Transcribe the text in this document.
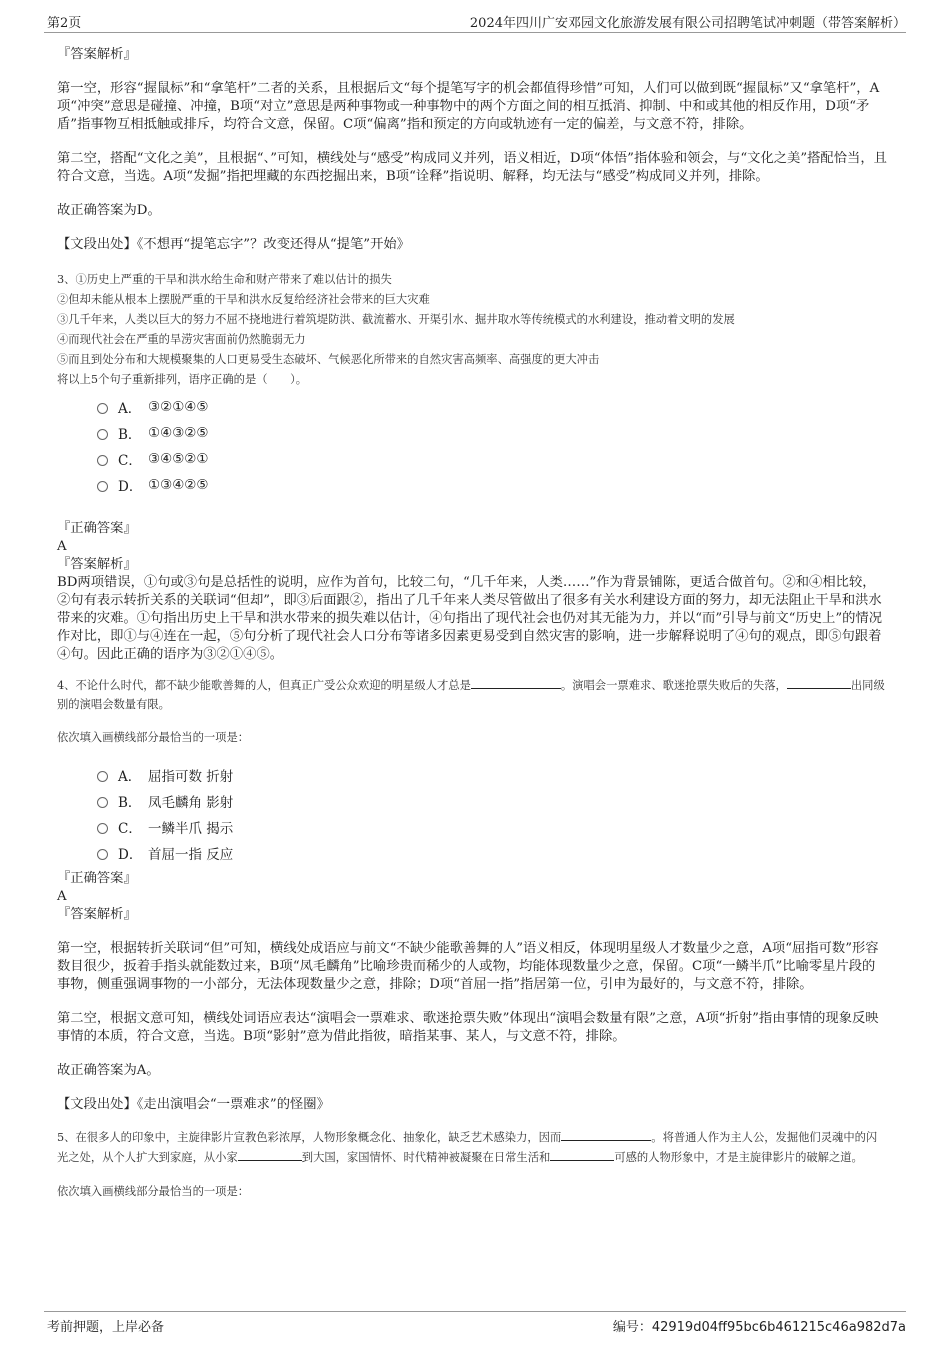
第2页	2024年四川广安邓园文化旅游发展有限公司招聘笔试冲刺题（带答案解析）

『答案解析』

第一空，形容“握鼠标”和“拿笔杆”二者的关系，且根据后文“每个提笔写字的机会都值得珍惜”可知，人们可以做到既“握鼠标”又“拿笔杆”，A项“冲突”意思是碰撞、冲撞，B项“对立”意思是两种事物或一种事物中的两个方面之间的相互抵消、抑制、中和或其他的相反作用，D项“矛盾”指事物互相抵触或排斥，均符合文意，保留。C项“偏离”指和预定的方向或轨迹有一定的偏差，与文意不符，排除。

第二空，搭配“文化之美”，且根据“、”可知，横线处与“感受”构成同义并列，语义相近，D项“体悟”指体验和领会，与“文化之美”搭配恰当，且符合文意，当选。A项“发掘”指把埋藏的东西挖掘出来，B项“诠释”指说明、解释，均无法与“感受”构成同义并列，排除。

故正确答案为D。

【文段出处】《不想再“提笔忘字”？改变还得从“提笔”开始》

3、①历史上严重的干旱和洪水给生命和财产带来了难以估计的损失
②但却未能从根本上摆脱严重的干旱和洪水反复给经济社会带来的巨大灾难
③几千年来，人类以巨大的努力不屈不挠地进行着筑堤防洪、截流蓄水、开渠引水、掘井取水等传统模式的水利建设，推动着文明的发展
④而现代社会在严重的旱涝灾害面前仍然脆弱无力
⑤而且到处分布和大规模聚集的人口更易受生态破坏、气候恶化所带来的自然灾害高频率、高强度的更大冲击
将以上5个句子重新排列，语序正确的是（　　）。
A． ③②①④⑤
B． ①④③②⑤
C． ③④⑤②①
D． ①③④②⑤

『正确答案』

A

『答案解析』

BD两项错误，①句或③句是总括性的说明，应作为首句，比较二句，“几千年来，人类……”作为背景铺陈，更适合做首句。②和④相比较，②句有表示转折关系的关联词“但却”，即③后面跟②，指出了几千年来人类尽管做出了很多有关水利建设方面的努力，却无法阻止干旱和洪水带来的灾难。①句指出历史上干旱和洪水带来的损失难以估计，④句指出了现代社会也仍对其无能为力，并以“而”引导与前文“历史上”的情况作对比，即①与④连在一起，⑤句分析了现代社会人口分布等诸多因素更易受到自然灾害的影响，进一步解释说明了④句的观点，即⑤句跟着④句。因此正确的语序为③②①④⑤。

4、不论什么时代，都不缺少能歌善舞的人，但真正广受公众欢迎的明星级人才总是	。演唱会一票难求、歌迷抢票失败后的失落，	出同级别的演唱会数量有限。

依次填入画横线部分最恰当的一项是：

A． 屈指可数 折射
B． 凤毛麟角 影射
C． 一鳞半爪 揭示
D． 首屈一指 反应

『正确答案』

A

『答案解析』

第一空，根据转折关联词“但”可知，横线处成语应与前文“不缺少能歌善舞的人”语义相反，体现明星级人才数量少之意，A项“屈指可数”形容数目很少，扳着手指头就能数过来，B项“凤毛麟角”比喻珍贵而稀少的人或物，均能体现数量少之意，保留。C项“一鳞半爪”比喻零星片段的事物，侧重强调事物的一小部分，无法体现数量少之意，排除；D项“首屈一指”指居第一位，引申为最好的，与文意不符，排除。

第二空，根据文意可知，横线处词语应表达“演唱会一票难求、歌迷抢票失败”体现出“演唱会数量有限”之意，A项“折射”指由事情的现象反映事情的本质，符合文意，当选。B项“影射”意为借此指彼，暗指某事、某人，与文意不符，排除。

故正确答案为A。

【文段出处】《走出演唱会“一票难求”的怪圈》

5、在很多人的印象中，主旋律影片宣教色彩浓厚，人物形象概念化、抽象化，缺乏艺术感染力，因而	。将普通人作为主人公，发掘他们灵魂中的闪光之处，从个人扩大到家庭，从小家	到大国，家国情怀、时代精神被凝聚在日常生活和	可感的人物形象中，才是主旋律影片的破解之道。

依次填入画横线部分最恰当的一项是：

考前押题，上岸必备	编号：42919d04ff95bc6b461215c46a982d7a
